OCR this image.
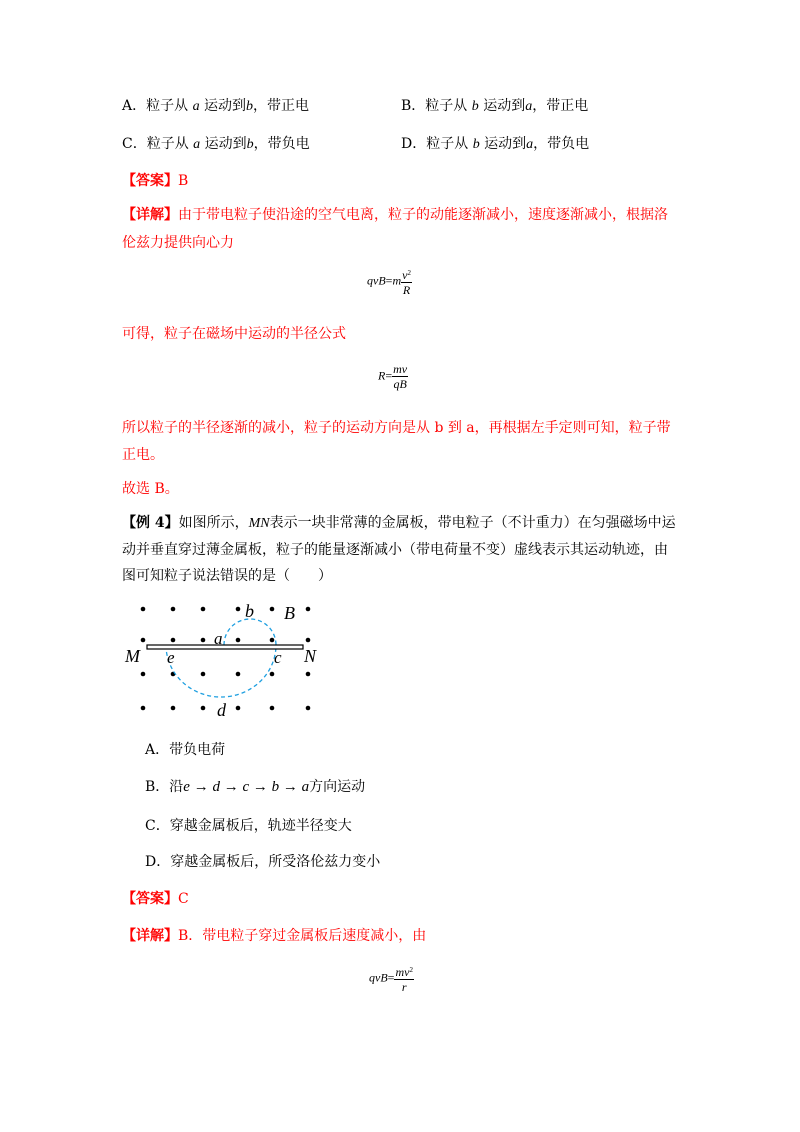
A．粒子从 a 运动到b，带正电	B．粒子从 b 运动到a，带正电
C．粒子从 a 运动到b，带负电	D．粒子从 b 运动到a，带负电
【答案】B
【详解】由于带电粒子使沿途的空气电离，粒子的动能逐渐减小，速度逐渐减小，根据洛
伦兹力提供向心力
$qvB=m \frac{v^2}{R}$
可得，粒子在磁场中运动的半径公式
$R= \frac{mv}{qB}$
所以粒子的半径逐渐的减小，粒子的运动方向是从 b 到 a，再根据左手定则可知，粒子带
正电。
故选 B。
【例 4】如图所示，MN表示一块非常薄的金属板，带电粒子（不计重力）在匀强磁场中运
动并垂直穿过薄金属板，粒子的能量逐渐减小（带电荷量不变）虚线表示其运动轨迹，由
图可知粒子说法错误的是（　　）
M	N
a
b B
c
d
e
A．带负电荷
B．沿e → d → c → b → a方向运动
C．穿越金属板后，轨迹半径变大
D．穿越金属板后，所受洛伦兹力变小
【答案】C
【详解】B．带电粒子穿过金属板后速度减小，由
$qvB= \frac{mv^2}{r}$
